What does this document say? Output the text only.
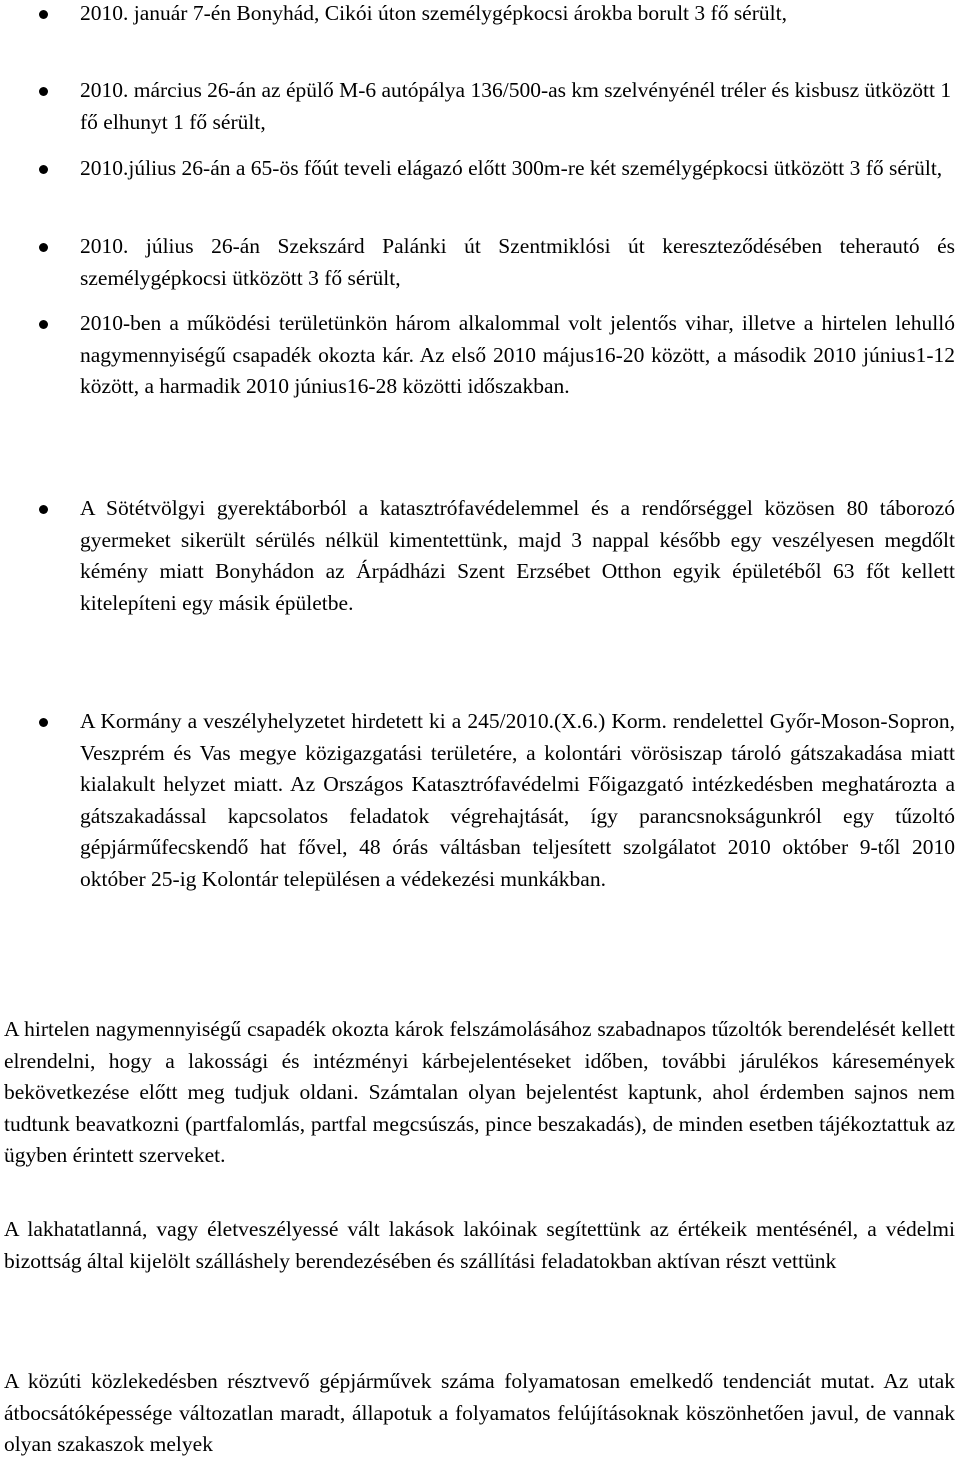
2010. január 7-én Bonyhád, Cikói úton személygépkocsi árokba borult 3 fő sérült,
2010. március 26-án az épülő M-6 autópálya 136/500-as km szelvényénél tréler és kisbusz ütközött 1 fő elhunyt 1 fő sérült,
2010.július 26-án a 65-ös főút teveli elágazó előtt 300m-re két személygépkocsi ütközött 3 fő sérült,
2010. július 26-án Szekszárd Palánki út Szentmiklósi út kereszteződésében teherautó és személygépkocsi ütközött 3 fő sérült,
2010-ben a működési területünkön három alkalommal volt jelentős vihar, illetve a hirtelen lehulló nagymennyiségű csapadék okozta kár. Az első 2010 május16-20 között, a második 2010 június1-12 között, a harmadik 2010 június16-28 közötti időszakban.
A Sötétvölgyi gyerektáborból a katasztrófavédelemmel és a rendőrséggel közösen 80 táborozó gyermeket sikerült sérülés nélkül kimentettünk, majd 3 nappal később egy veszélyesen megdőlt kémény miatt Bonyhádon az Árpádházi Szent Erzsébet Otthon egyik épületéből 63 főt kellett kitelepíteni egy másik épületbe.
A Kormány a veszélyhelyzetet hirdetett ki a 245/2010.(X.6.) Korm. rendelettel Győr-Moson-Sopron, Veszprém és Vas megye közigazgatási területére, a kolontári vörösiszap tároló gátszakadása miatt kialakult helyzet miatt. Az Országos Katasztrófavédelmi Főigazgató intézkedésben meghatározta a gátszakadással kapcsolatos feladatok végrehajtását, így parancsnokságunkról egy tűzoltó gépjárműfecskendő hat fővel, 48 órás váltásban teljesített szolgálatot 2010 október 9-től 2010 október 25-ig Kolontár településen a védekezési munkákban.

A hirtelen nagymennyiségű csapadék okozta károk felszámolásához szabadnapos tűzoltók berendelését kellett elrendelni, hogy a lakossági és intézményi kárbejelentéseket időben, további járulékos káresemények bekövetkezése előtt meg tudjuk oldani. Számtalan olyan bejelentést kaptunk, ahol érdemben sajnos nem tudtunk beavatkozni (partfalomlás, partfal megcsúszás, pince beszakadás), de minden esetben tájékoztattuk az ügyben érintett szerveket.

A lakhatatlanná, vagy életveszélyessé vált lakások lakóinak segítettünk az értékeik mentésénél, a védelmi bizottság által kijelölt szálláshely berendezésében és szállítási feladatokban aktívan részt vettünk

A közúti közlekedésben résztvevő gépjárművek száma folyamatosan emelkedő tendenciát mutat. Az utak átbocsátóképessége változatlan maradt, állapotuk a folyamatos felújításoknak köszönhetően javul, de vannak olyan szakaszok melyek
